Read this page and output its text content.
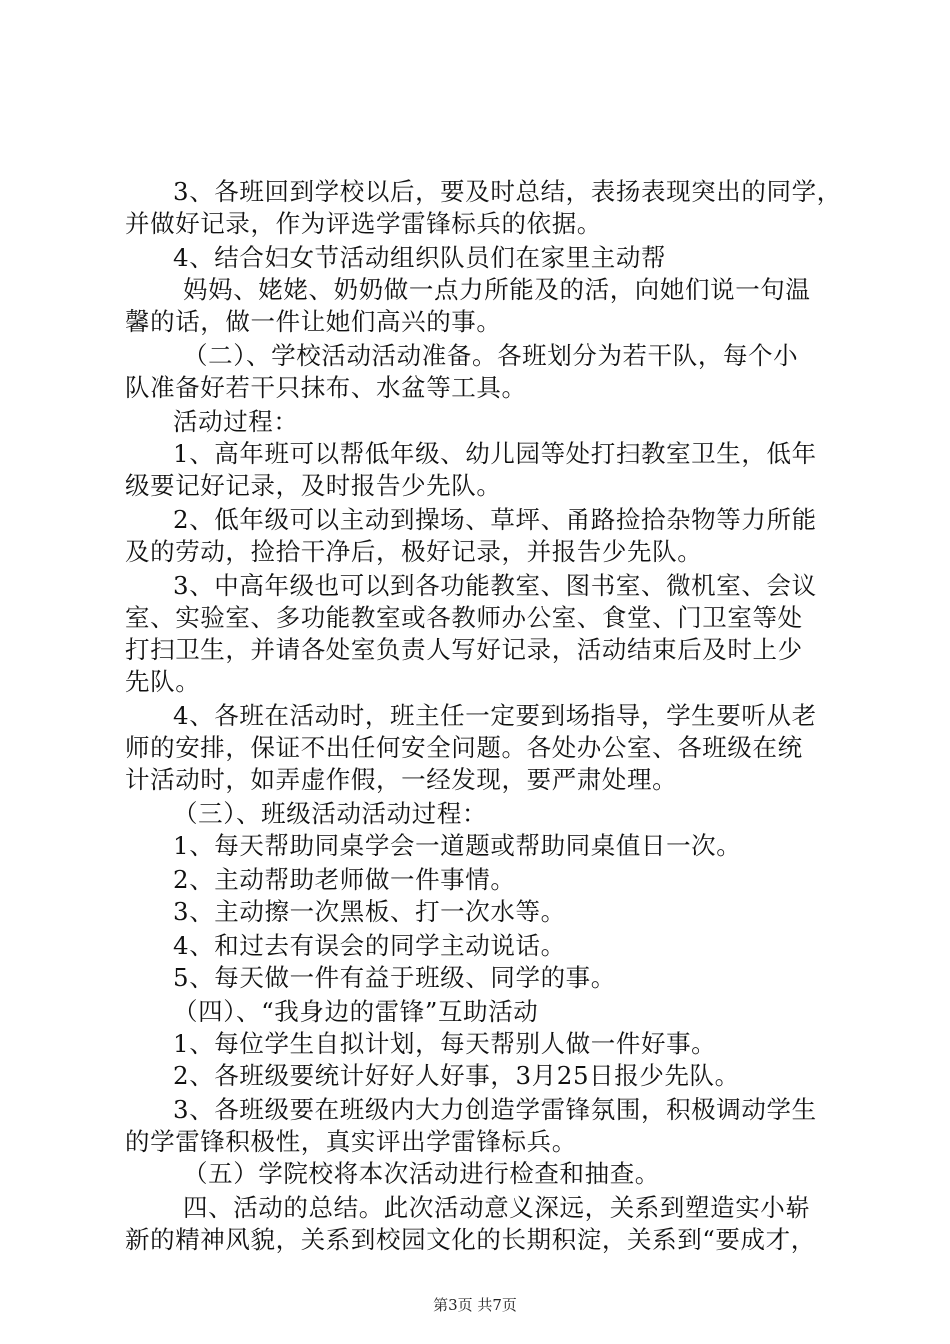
3、各班回到学校以后，要及时总结，表扬表现突出的同学，
并做好记录，作为评选学雷锋标兵的依据。
4、结合妇女节活动组织队员们在家里主动帮
妈妈、姥姥、奶奶做一点力所能及的活，向她们说一句温
馨的话，做一件让她们高兴的事。
（二）、学校活动活动准备。各班划分为若干队，每个小
队准备好若干只抹布、水盆等工具。
活动过程：
1、高年班可以帮低年级、幼儿园等处打扫教室卫生，低年
级要记好记录，及时报告少先队。
2、低年级可以主动到操场、草坪、甬路捡拾杂物等力所能
及的劳动，捡拾干净后，极好记录，并报告少先队。
3、中高年级也可以到各功能教室、图书室、微机室、会议
室、实验室、多功能教室或各教师办公室、食堂、门卫室等处
打扫卫生，并请各处室负责人写好记录，活动结束后及时上少
先队。
4、各班在活动时，班主任一定要到场指导，学生要听从老
师的安排，保证不出任何安全问题。各处办公室、各班级在统
计活动时，如弄虚作假，一经发现，要严肃处理。
（三）、班级活动活动过程：
1、每天帮助同桌学会一道题或帮助同桌值日一次。
2、主动帮助老师做一件事情。
3、主动擦一次黑板、打一次水等。
4、和过去有误会的同学主动说话。
5、每天做一件有益于班级、同学的事。
（四）、“我身边的雷锋”互助活动
1、每位学生自拟计划，每天帮别人做一件好事。
2、各班级要统计好好人好事，3月25日报少先队。
3、各班级要在班级内大力创造学雷锋氛围，积极调动学生
的学雷锋积极性，真实评出学雷锋标兵。
（五）学院校将本次活动进行检查和抽查。
四、活动的总结。此次活动意义深远，关系到塑造实小崭
新的精神风貌，关系到校园文化的长期积淀，关系到“要成才，
第3页 共7页
